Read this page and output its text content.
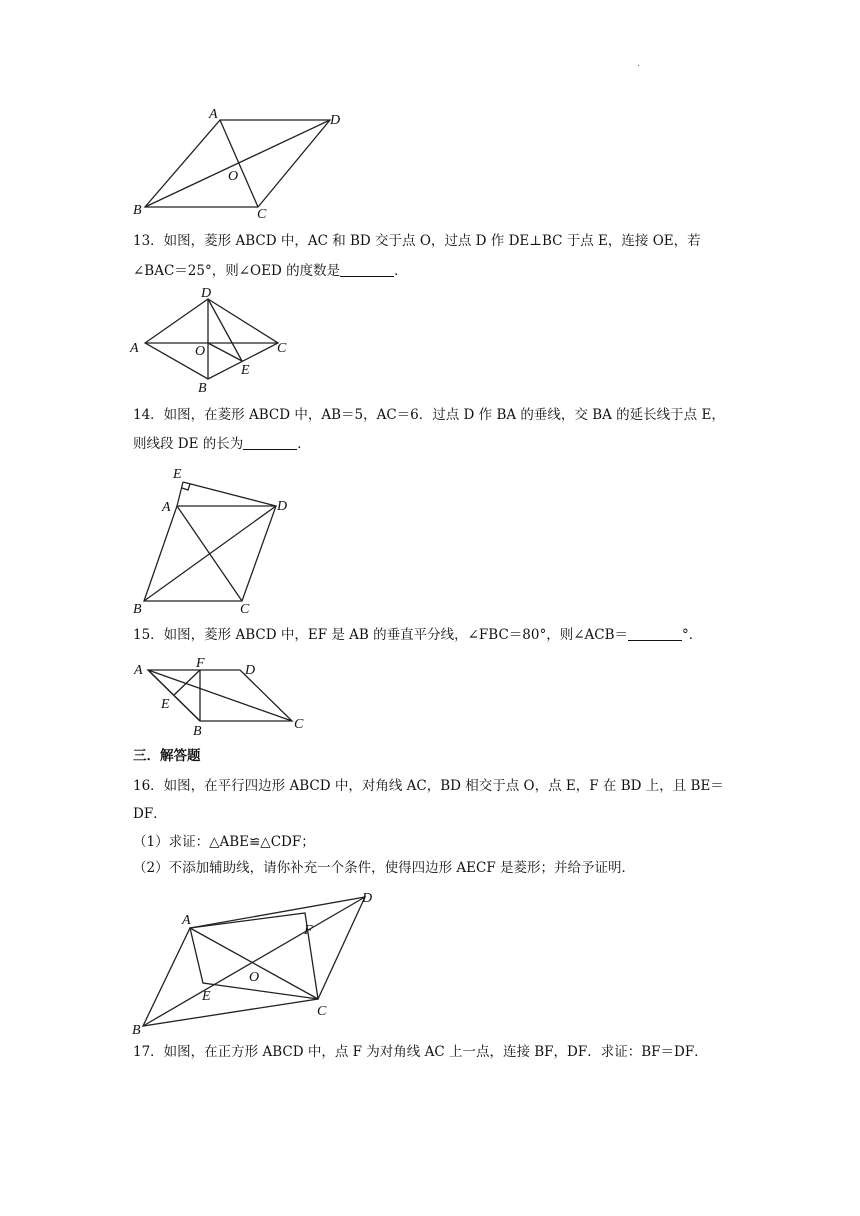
.
A	D
O
B	C

13．如图，菱形 ABCD 中，AC 和 BD 交于点 O，过点 D 作 DE⊥BC 于点 E，连接 OE，若

∠BAC＝25°，则∠OED 的度数是	．

D
A	O	C
E
B

14．如图，在菱形 ABCD 中，AB＝5，AC＝6．过点 D 作 BA 的垂线，交 BA 的延长线于点 E，

则线段 DE 的长为	．

E
A	D
B	C

15．如图，菱形 ABCD 中，EF 是 AB 的垂直平分线，∠FBC＝80°，则∠ACB＝	°．

A	F	D
E
B	C

三．解答题

16．如图，在平行四边形 ABCD 中，对角线 AC，BD 相交于点 O，点 E，F 在 BD 上，且 BE＝

DF．

（1）求证：△ABE≌△CDF；

（2）不添加辅助线，请你补充一个条件，使得四边形 AECF 是菱形；并给予证明．

A
D
F
O
E
C
B

17．如图，在正方形 ABCD 中，点 F 为对角线 AC 上一点，连接 BF，DF．求证：BF＝DF．
